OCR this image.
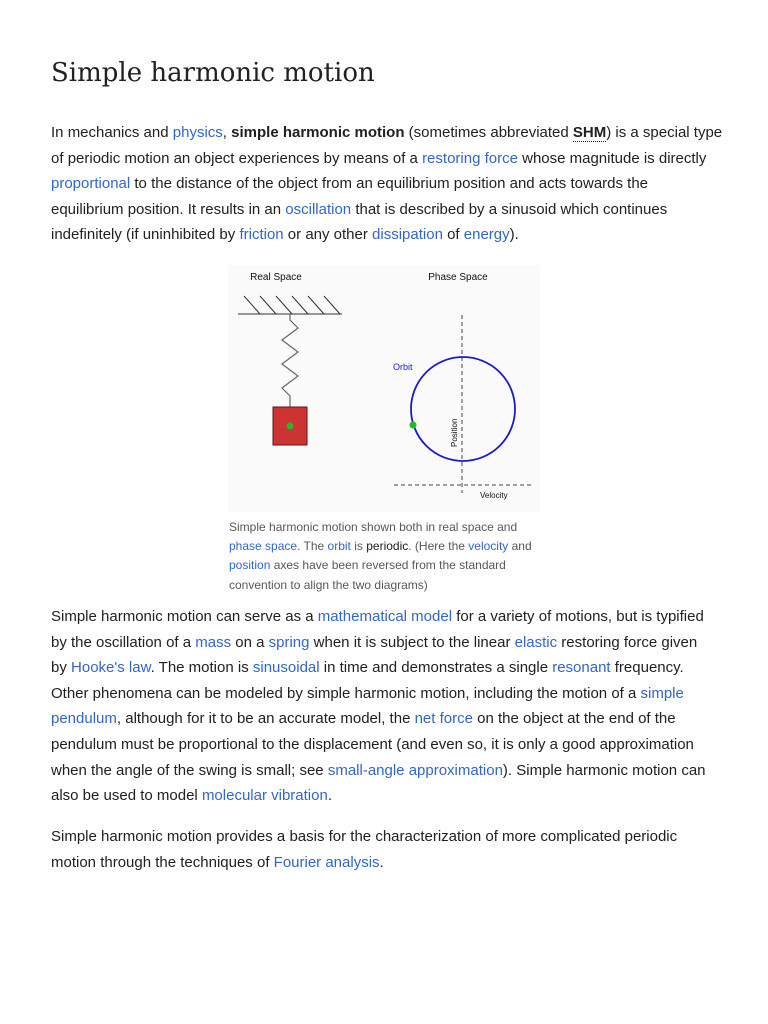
Simple harmonic motion

In mechanics and physics, simple harmonic motion (sometimes abbreviated SHM) is a special type
of periodic motion an object experiences by means of a restoring force whose magnitude is directly
proportional to the distance of the object from an equilibrium position and acts towards the
equilibrium position. It results in an oscillation that is described by a sinusoid which continues
indefinitely (if uninhibited by friction or any other dissipation of energy).

Real Space	Phase Space
Orbit
Position
Velocity
Simple harmonic motion shown both in real space and
phase space. The orbit is periodic. (Here the velocity and
position axes have been reversed from the standard
convention to align the two diagrams)

Simple harmonic motion can serve as a mathematical model for a variety of motions, but is typified
by the oscillation of a mass on a spring when it is subject to the linear elastic restoring force given
by Hooke's law. The motion is sinusoidal in time and demonstrates a single resonant frequency.
Other phenomena can be modeled by simple harmonic motion, including the motion of a simple
pendulum, although for it to be an accurate model, the net force on the object at the end of the
pendulum must be proportional to the displacement (and even so, it is only a good approximation
when the angle of the swing is small; see small-angle approximation). Simple harmonic motion can
also be used to model molecular vibration.

Simple harmonic motion provides a basis for the characterization of more complicated periodic
motion through the techniques of Fourier analysis.
